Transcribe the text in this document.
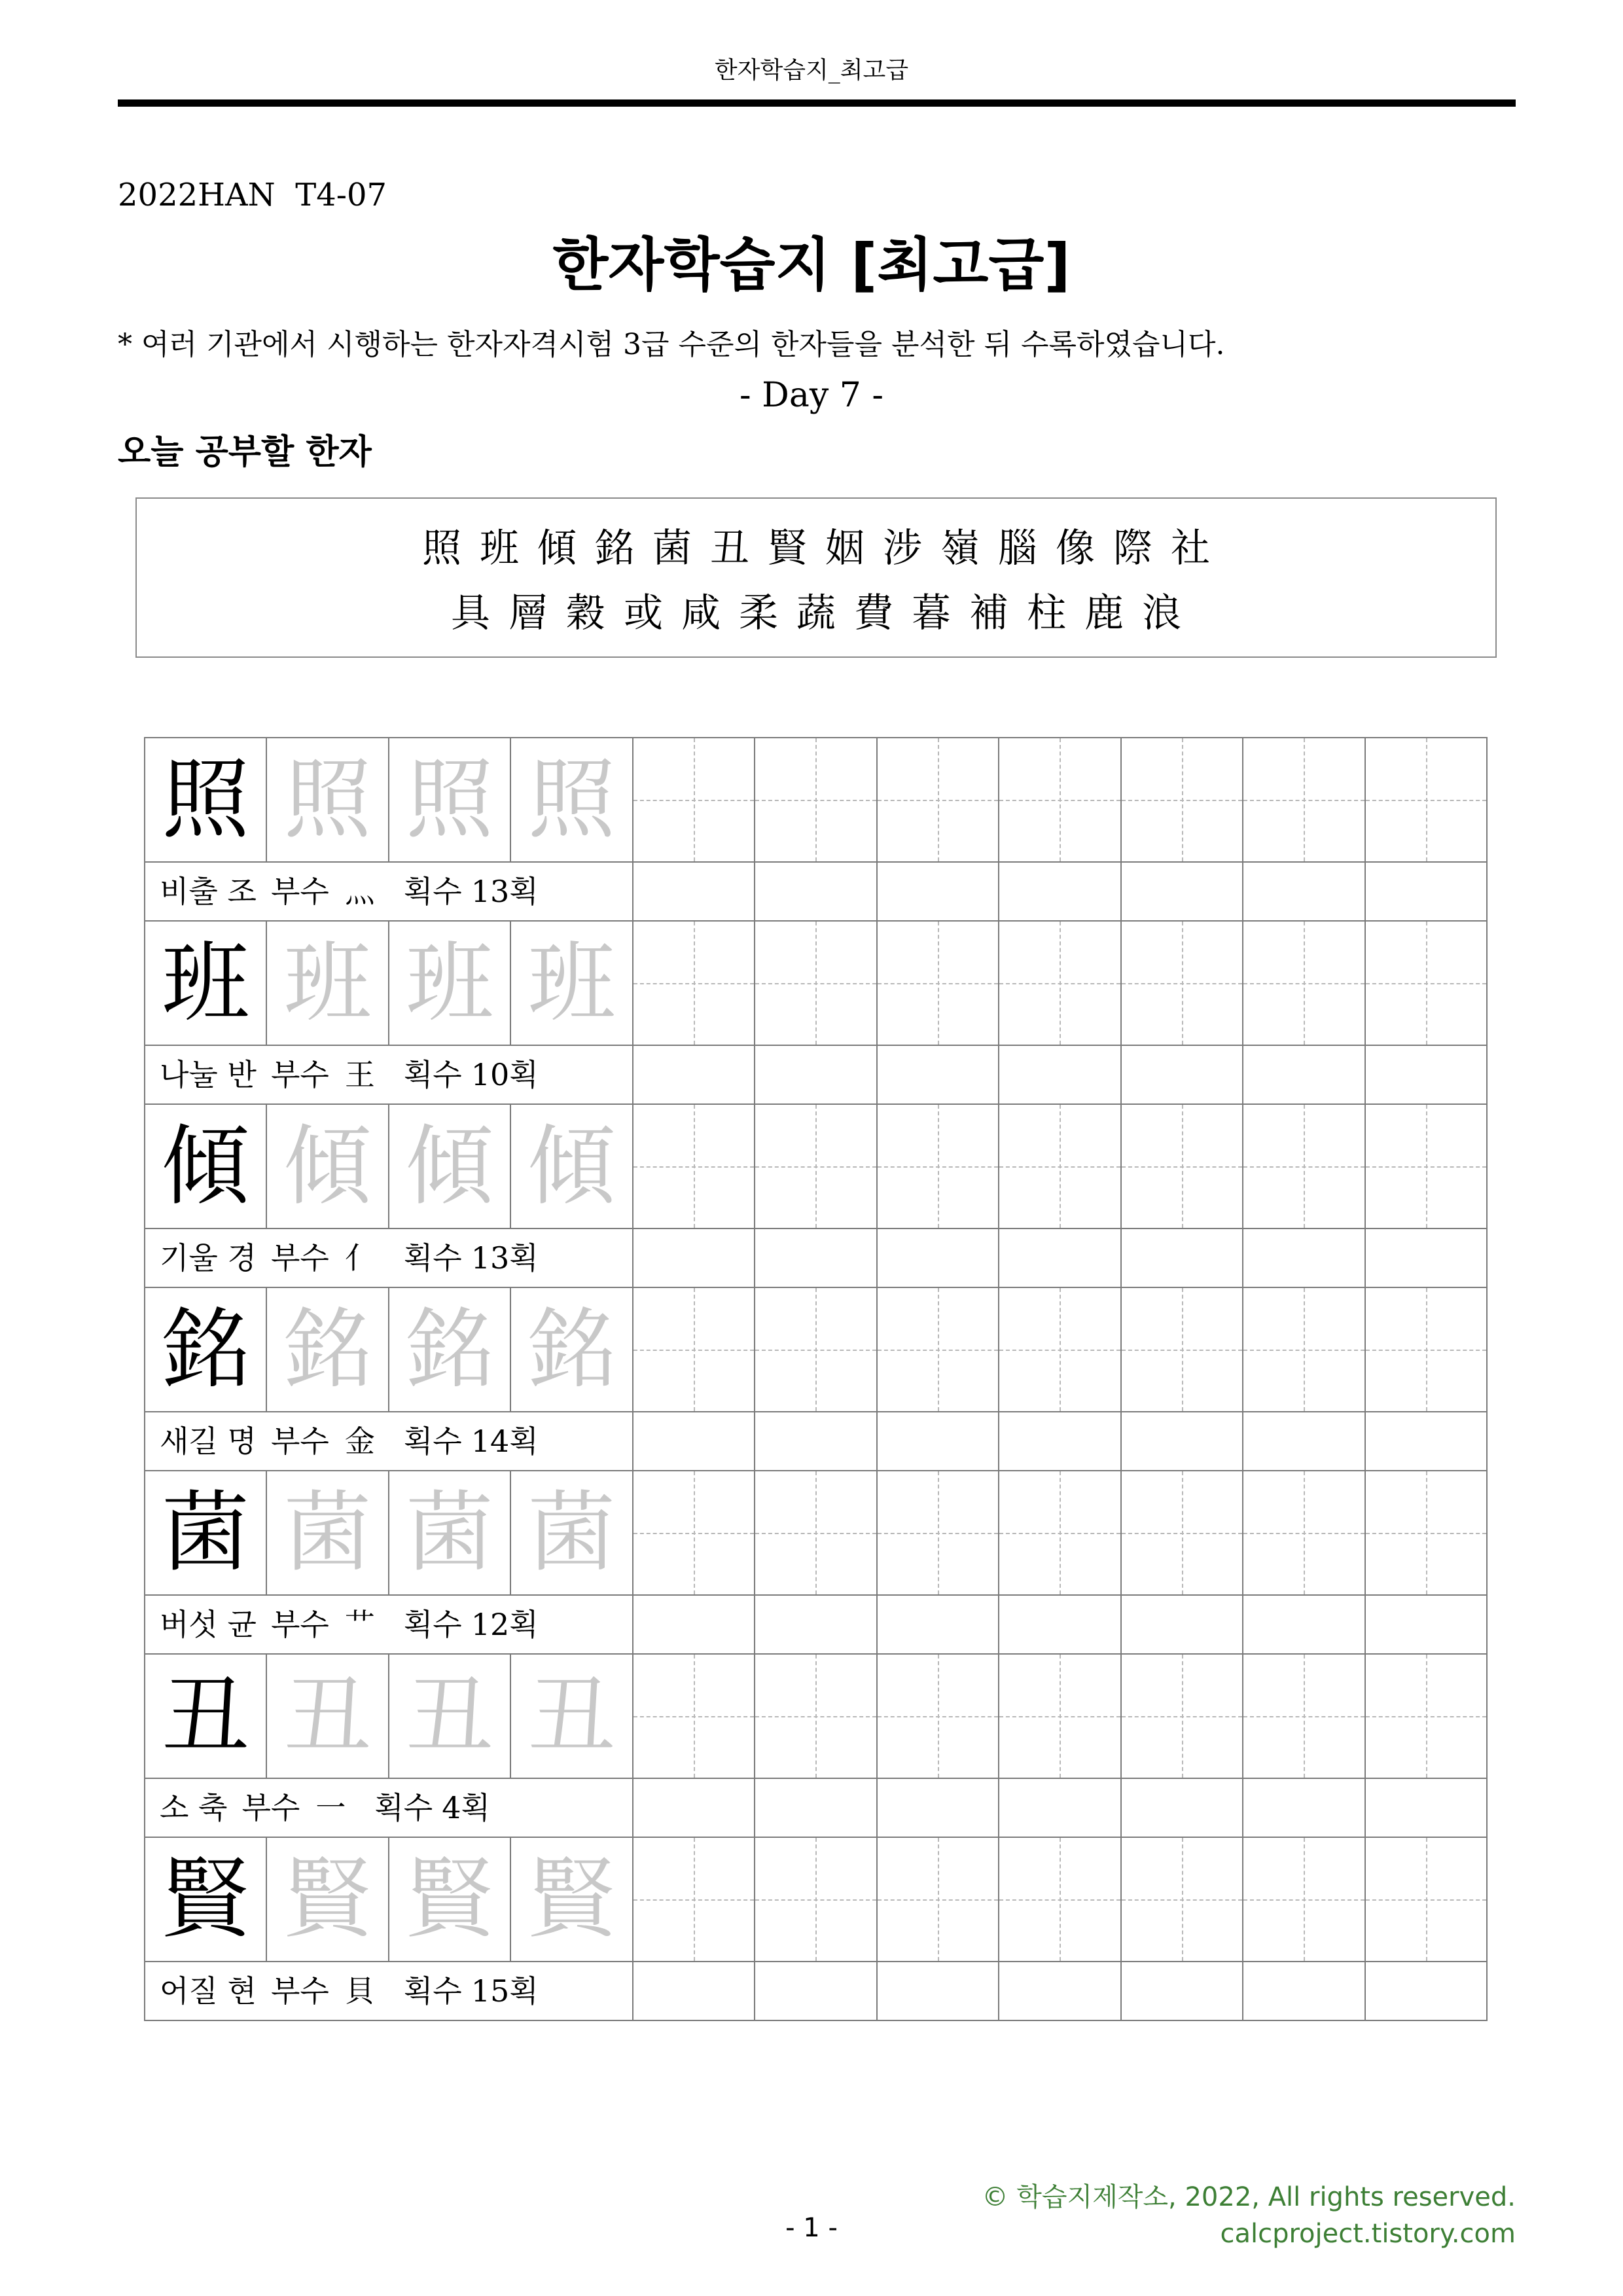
한자학습지_최고급
2022HAN  T4-07
한자학습지 [최고급]
* 여러 기관에서 시행하는 한자자격시험 3급 수준의 한자들을 분석한 뒤 수록하였습니다.
- Day 7 -
오늘 공부할 한자
照 班 傾 銘 菌 丑 賢 姻 涉 嶺 腦 像 際 社
具 層 穀 或 咸 柔 蔬 費 暮 補 柱 鹿 浪
照 照 照 照
비출 조 부수 灬 획수 13획
班 班 班 班
나눌 반 부수 王 획수 10획
傾 傾 傾 傾
기울 경 부수 亻 획수 13획
銘 銘 銘 銘
새길 명 부수 金 획수 14획
菌 菌 菌 菌
버섯 균 부수 艹 획수 12획
丑 丑 丑 丑
소 축 부수 一 획수 4획
賢 賢 賢 賢
어질 현 부수 貝 획수 15획
© 학습지제작소, 2022, All rights reserved.
calcproject.tistory.com
- 1 -
